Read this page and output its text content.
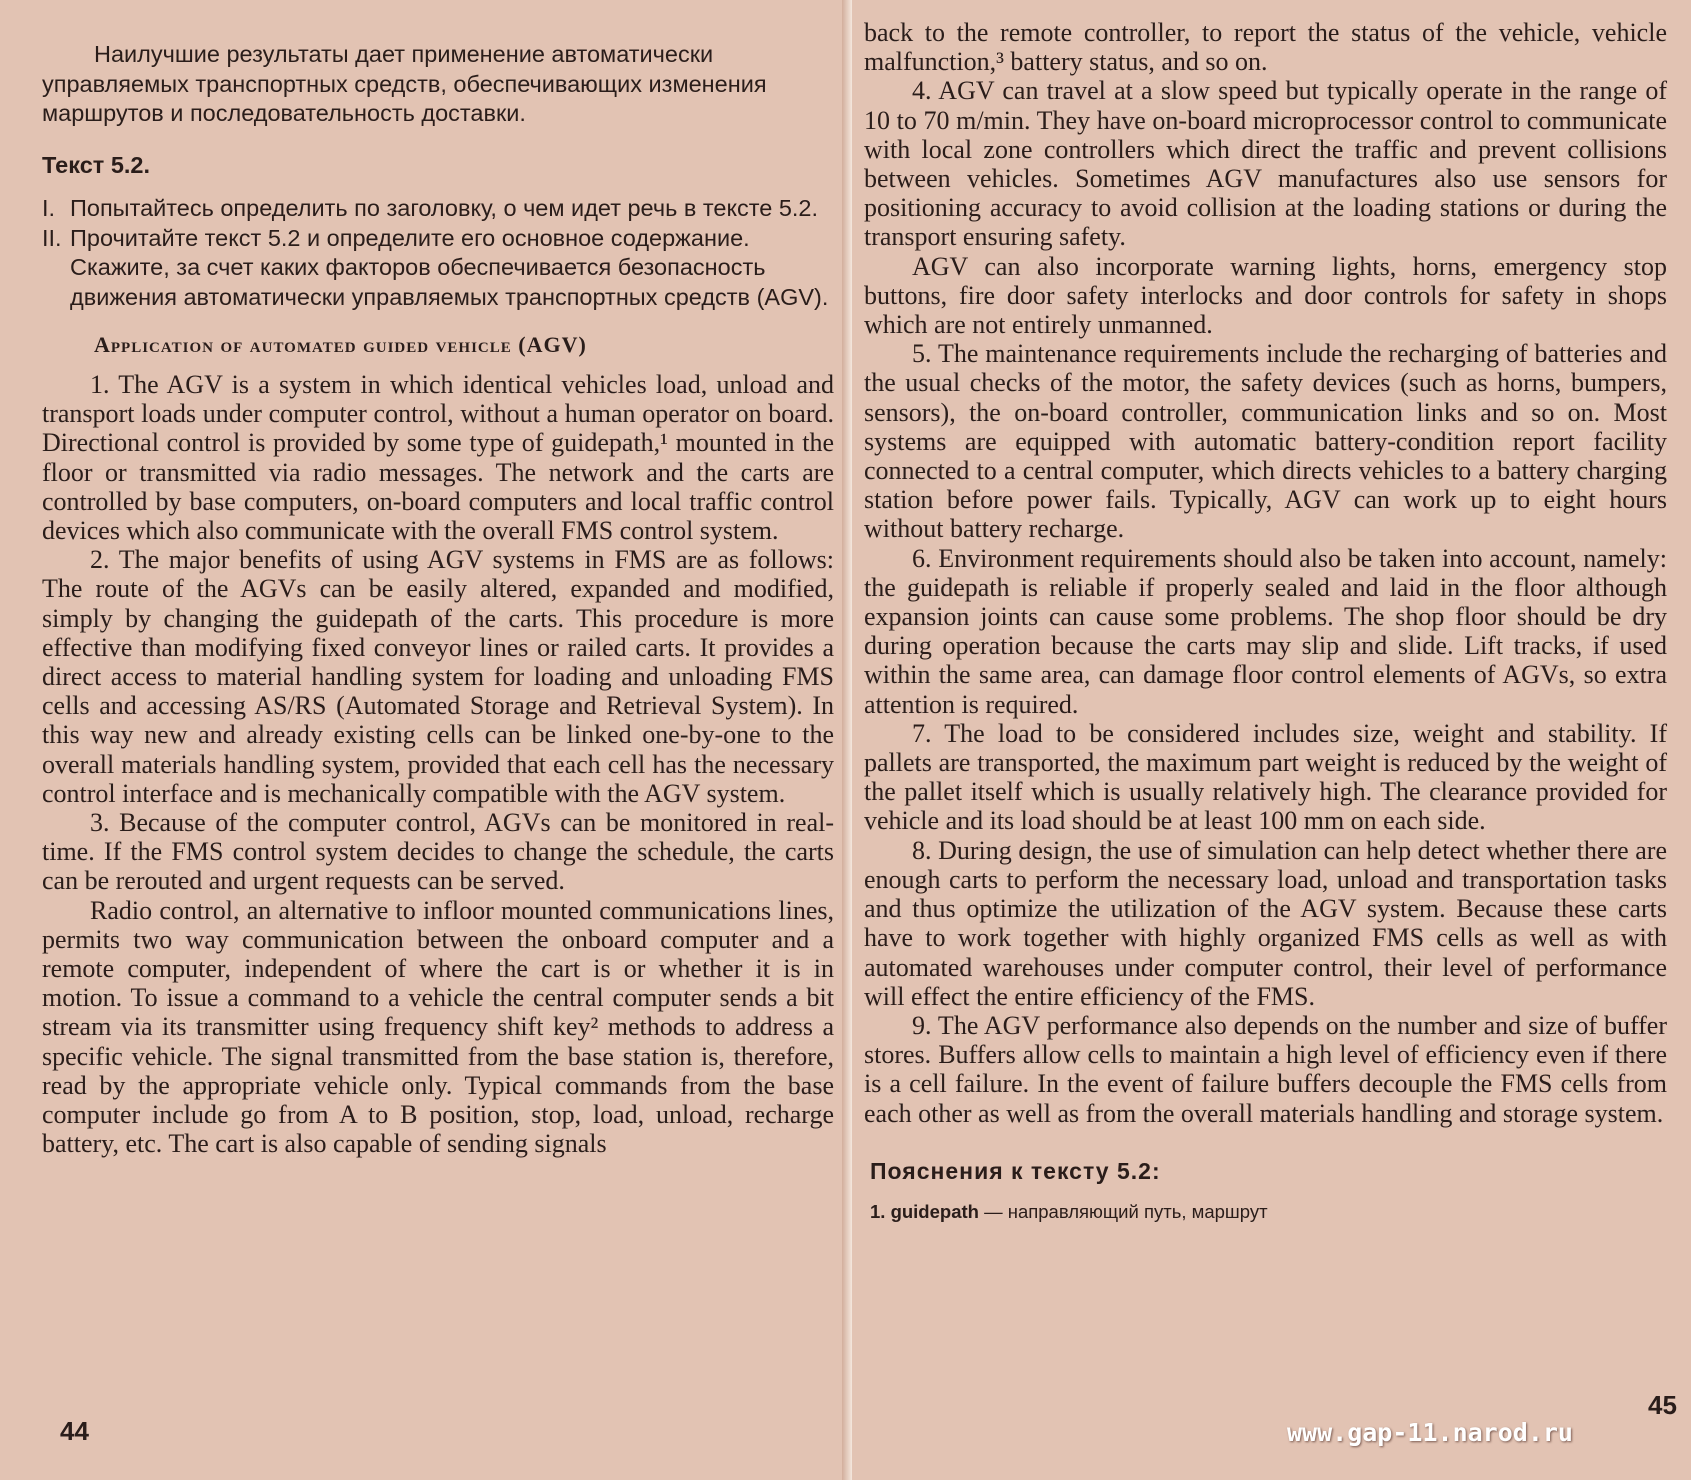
Наилучшие результаты дает применение автоматически управляемых транспортных средств, обеспечивающих изменения маршрутов и последовательность доставки.

Текст 5.2.

I. Попытайтесь определить по заголовку, о чем идет речь в тексте 5.2.
II. Прочитайте текст 5.2 и определите его основное содержание. Скажите, за счет каких факторов обеспечивается безопасность движения автоматически управляемых транспортных средств (AGV).

Application of automated guided vehicle (AGV)

1. The AGV is a system in which identical vehicles load, unload and transport loads under computer control, without a human operator on board. Directional control is provided by some type of guidepath,¹ mounted in the floor or transmitted via radio messages. The network and the carts are controlled by base computers, on-board computers and local traffic control devices which also communicate with the overall FMS control system.

2. The major benefits of using AGV systems in FMS are as follows: The route of the AGVs can be easily altered, expanded and modified, simply by changing the guidepath of the carts. This procedure is more effective than modifying fixed conveyor lines or railed carts. It provides a direct access to material handling system for loading and unloading FMS cells and accessing AS/RS (Automated Storage and Retrieval System). In this way new and already existing cells can be linked one-by-one to the overall materials handling system, provided that each cell has the necessary control interface and is mechanically compatible with the AGV system.

3. Because of the computer control, AGVs can be monitored in real-time. If the FMS control system decides to change the schedule, the carts can be rerouted and urgent requests can be served.

Radio control, an alternative to infloor mounted communications lines, permits two way communication between the onboard computer and a remote computer, independent of where the cart is or whether it is in motion. To issue a command to a vehicle the central computer sends a bit stream via its transmitter using frequency shift key² methods to address a specific vehicle. The signal transmitted from the base station is, therefore, read by the appropriate vehicle only. Typical commands from the base computer include go from A to B position, stop, load, unload, recharge battery, etc. The cart is also capable of sending signals

44

back to the remote controller, to report the status of the vehicle, vehicle malfunction,³ battery status, and so on.

4. AGV can travel at a slow speed but typically operate in the range of 10 to 70 m/min. They have on-board microprocessor control to communicate with local zone controllers which direct the traffic and prevent collisions between vehicles. Sometimes AGV manufactures also use sensors for positioning accuracy to avoid collision at the loading stations or during the transport ensuring safety.

AGV can also incorporate warning lights, horns, emergency stop buttons, fire door safety interlocks and door controls for safety in shops which are not entirely unmanned.

5. The maintenance requirements include the recharging of batteries and the usual checks of the motor, the safety devices (such as horns, bumpers, sensors), the on-board controller, communication links and so on. Most systems are equipped with automatic battery-condition report facility connected to a central computer, which directs vehicles to a battery charging station before power fails. Typically, AGV can work up to eight hours without battery recharge.

6. Environment requirements should also be taken into account, namely: the guidepath is reliable if properly sealed and laid in the floor although expansion joints can cause some problems. The shop floor should be dry during operation because the carts may slip and slide. Lift tracks, if used within the same area, can damage floor control elements of AGVs, so extra attention is required.

7. The load to be considered includes size, weight and stability. If pallets are transported, the maximum part weight is reduced by the weight of the pallet itself which is usually relatively high. The clearance provided for vehicle and its load should be at least 100 mm on each side.

8. During design, the use of simulation can help detect whether there are enough carts to perform the necessary load, unload and transportation tasks and thus optimize the utilization of the AGV system. Because these carts have to work together with highly organized FMS cells as well as with automated warehouses under computer control, their level of performance will effect the entire efficiency of the FMS.

9. The AGV performance also depends on the number and size of buffer stores. Buffers allow cells to maintain a high level of efficiency even if there is a cell failure. In the event of failure buffers decouple the FMS cells from each other as well as from the overall materials handling and storage system.

Пояснения к тексту 5.2:

1. guidepath — направляющий путь, маршрут

45
www.gap-11.narod.ru
